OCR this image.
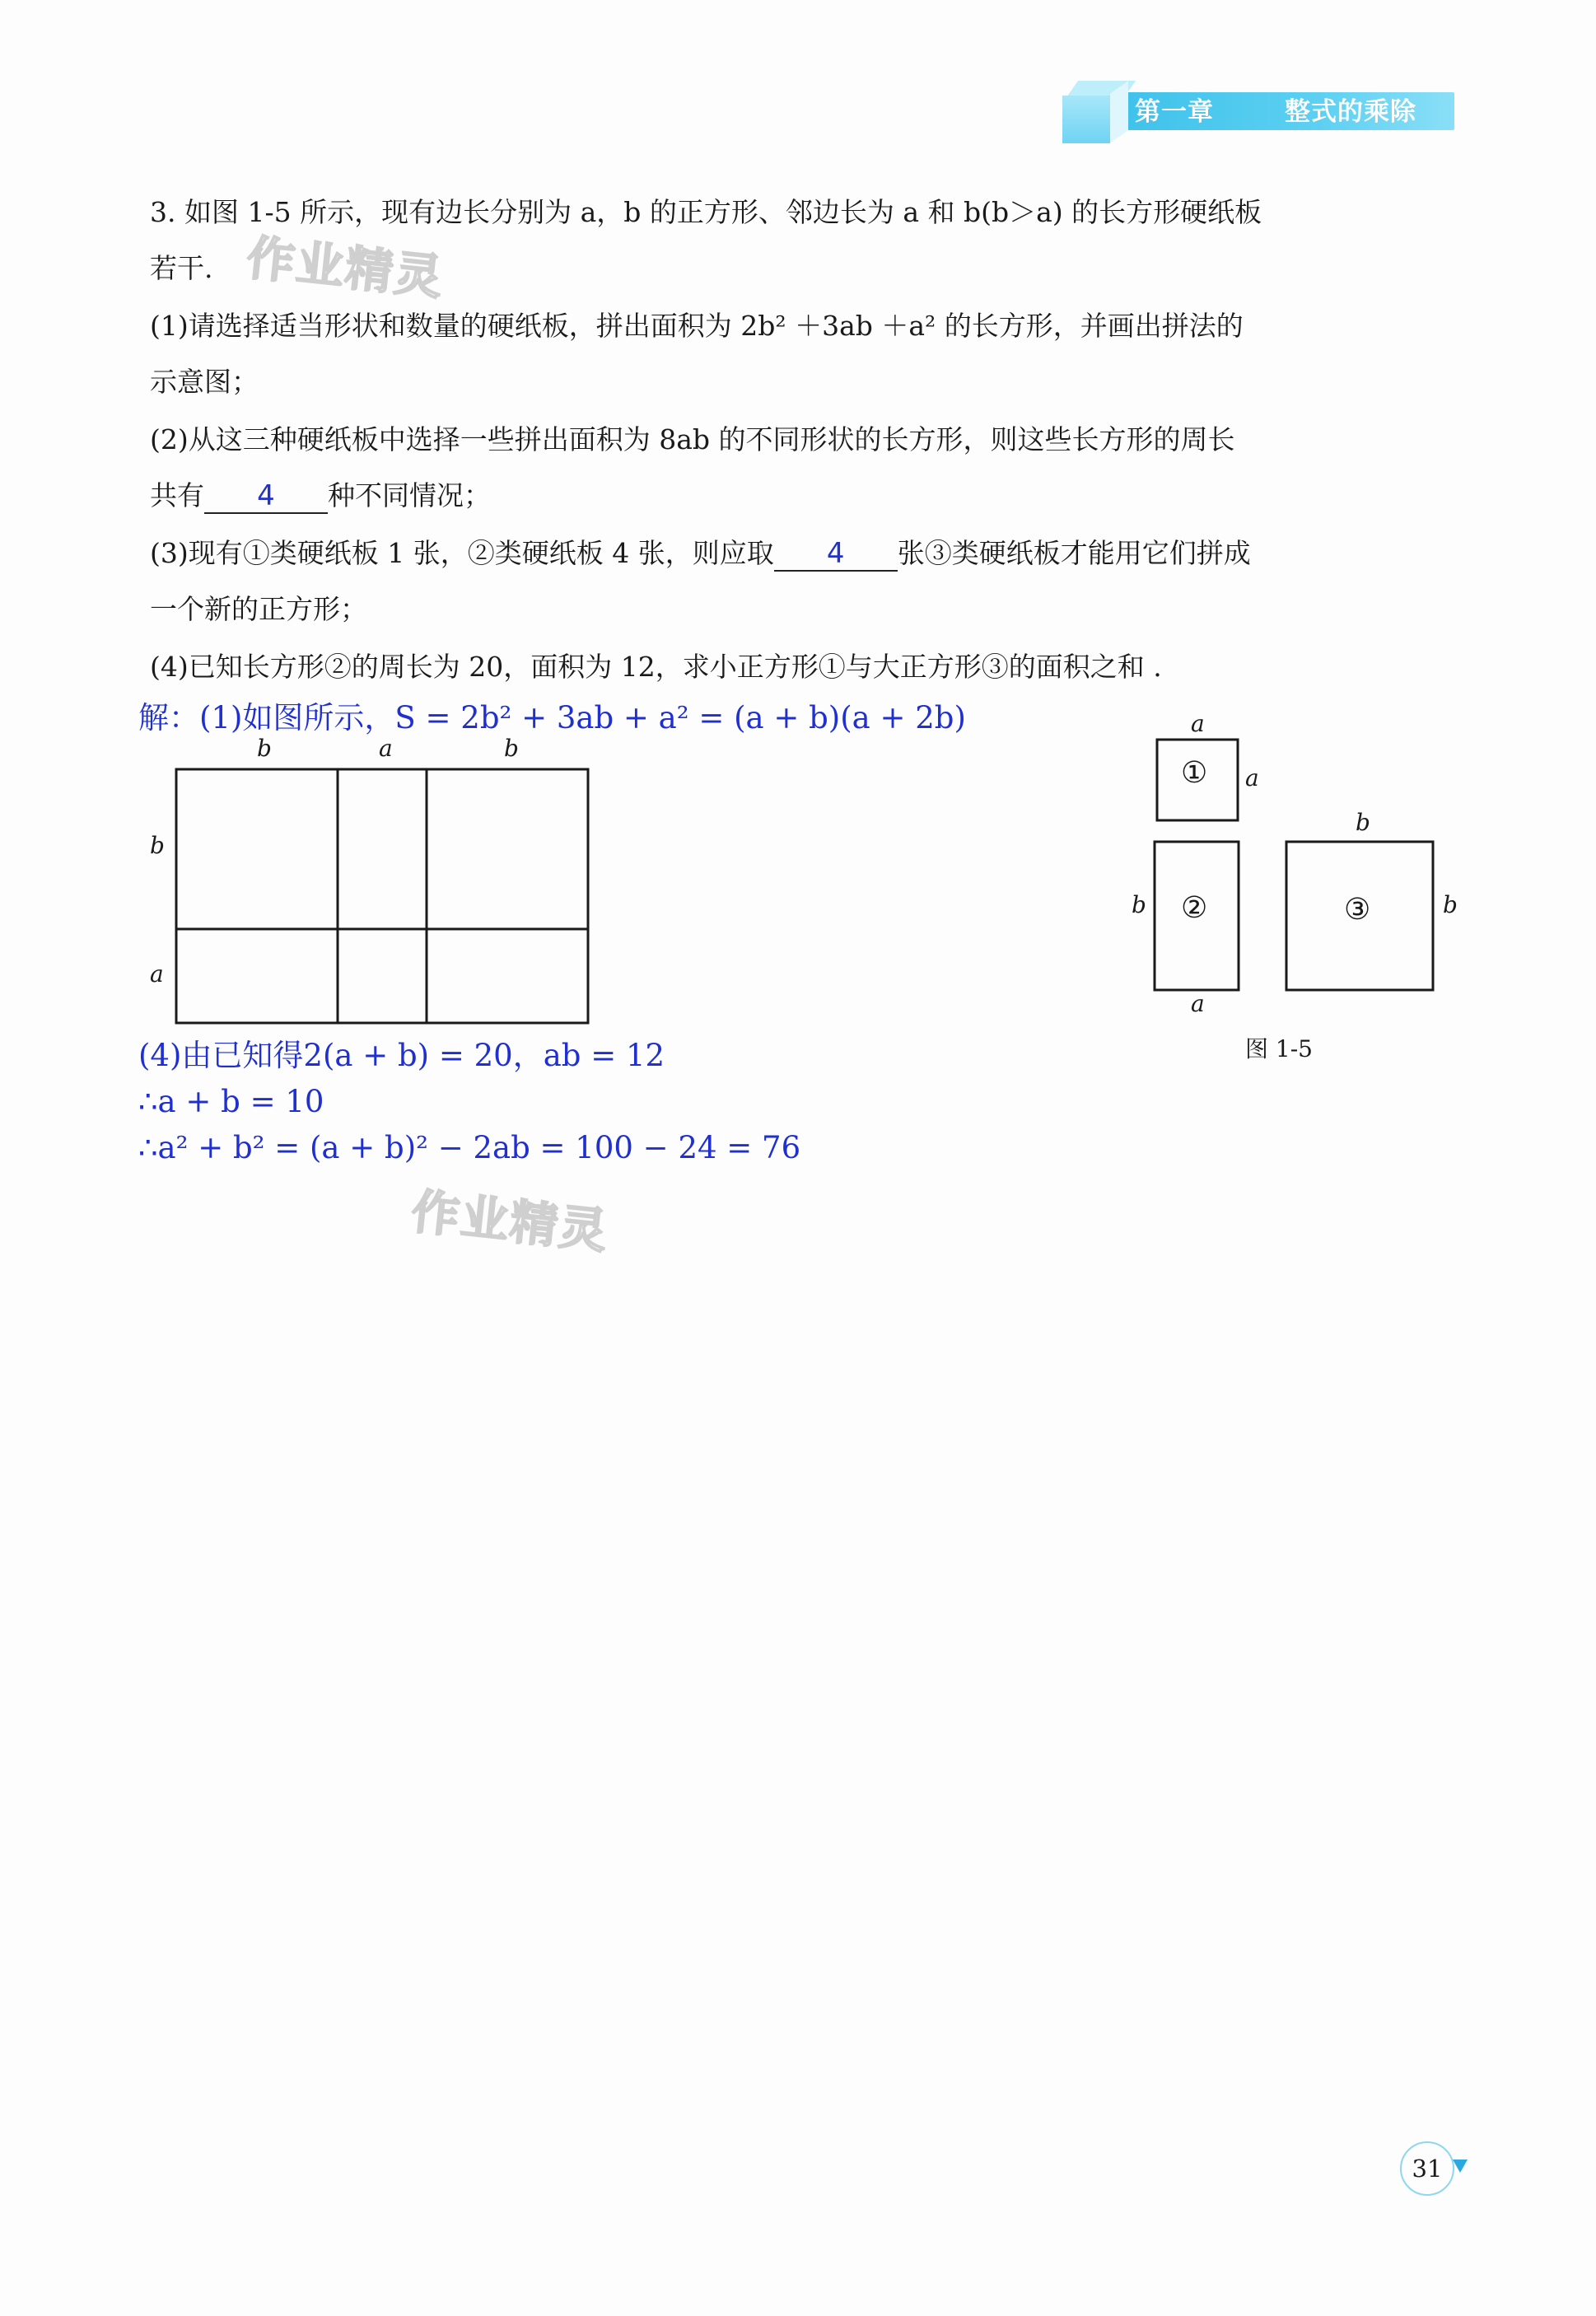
第一章	整式的乘除
3. 如图 1-5 所示，现有边长分别为 a，b 的正方形、邻边长为 a 和 b(b＞a) 的长方形硬纸板
若干.
(1)请选择适当形状和数量的硬纸板，拼出面积为 2b² ＋3ab ＋a² 的长方形，并画出拼法的
示意图；
(2)从这三种硬纸板中选择一些拼出面积为 8ab 的不同形状的长方形，则这些长方形的周长
共有 4 种不同情况；
(3)现有①类硬纸板 1 张，②类硬纸板 4 张，则应取 4 张③类硬纸板才能用它们拼成
一个新的正方形；
(4)已知长方形②的周长为 20，面积为 12，求小正方形①与大正方形③的面积之和 .
解：(1)如图所示，S = 2b² + 3ab + a² = (a + b)(a + 2b)
b	a	b
b
a
(4)由已知得2(a + b) = 20，ab = 12
∴a + b = 10
∴a² + b² = (a + b)² − 2ab = 100 − 24 = 76
a
a
①
b
a
②
b
b
③
图 1-5
作业精灵
作业精灵
31
